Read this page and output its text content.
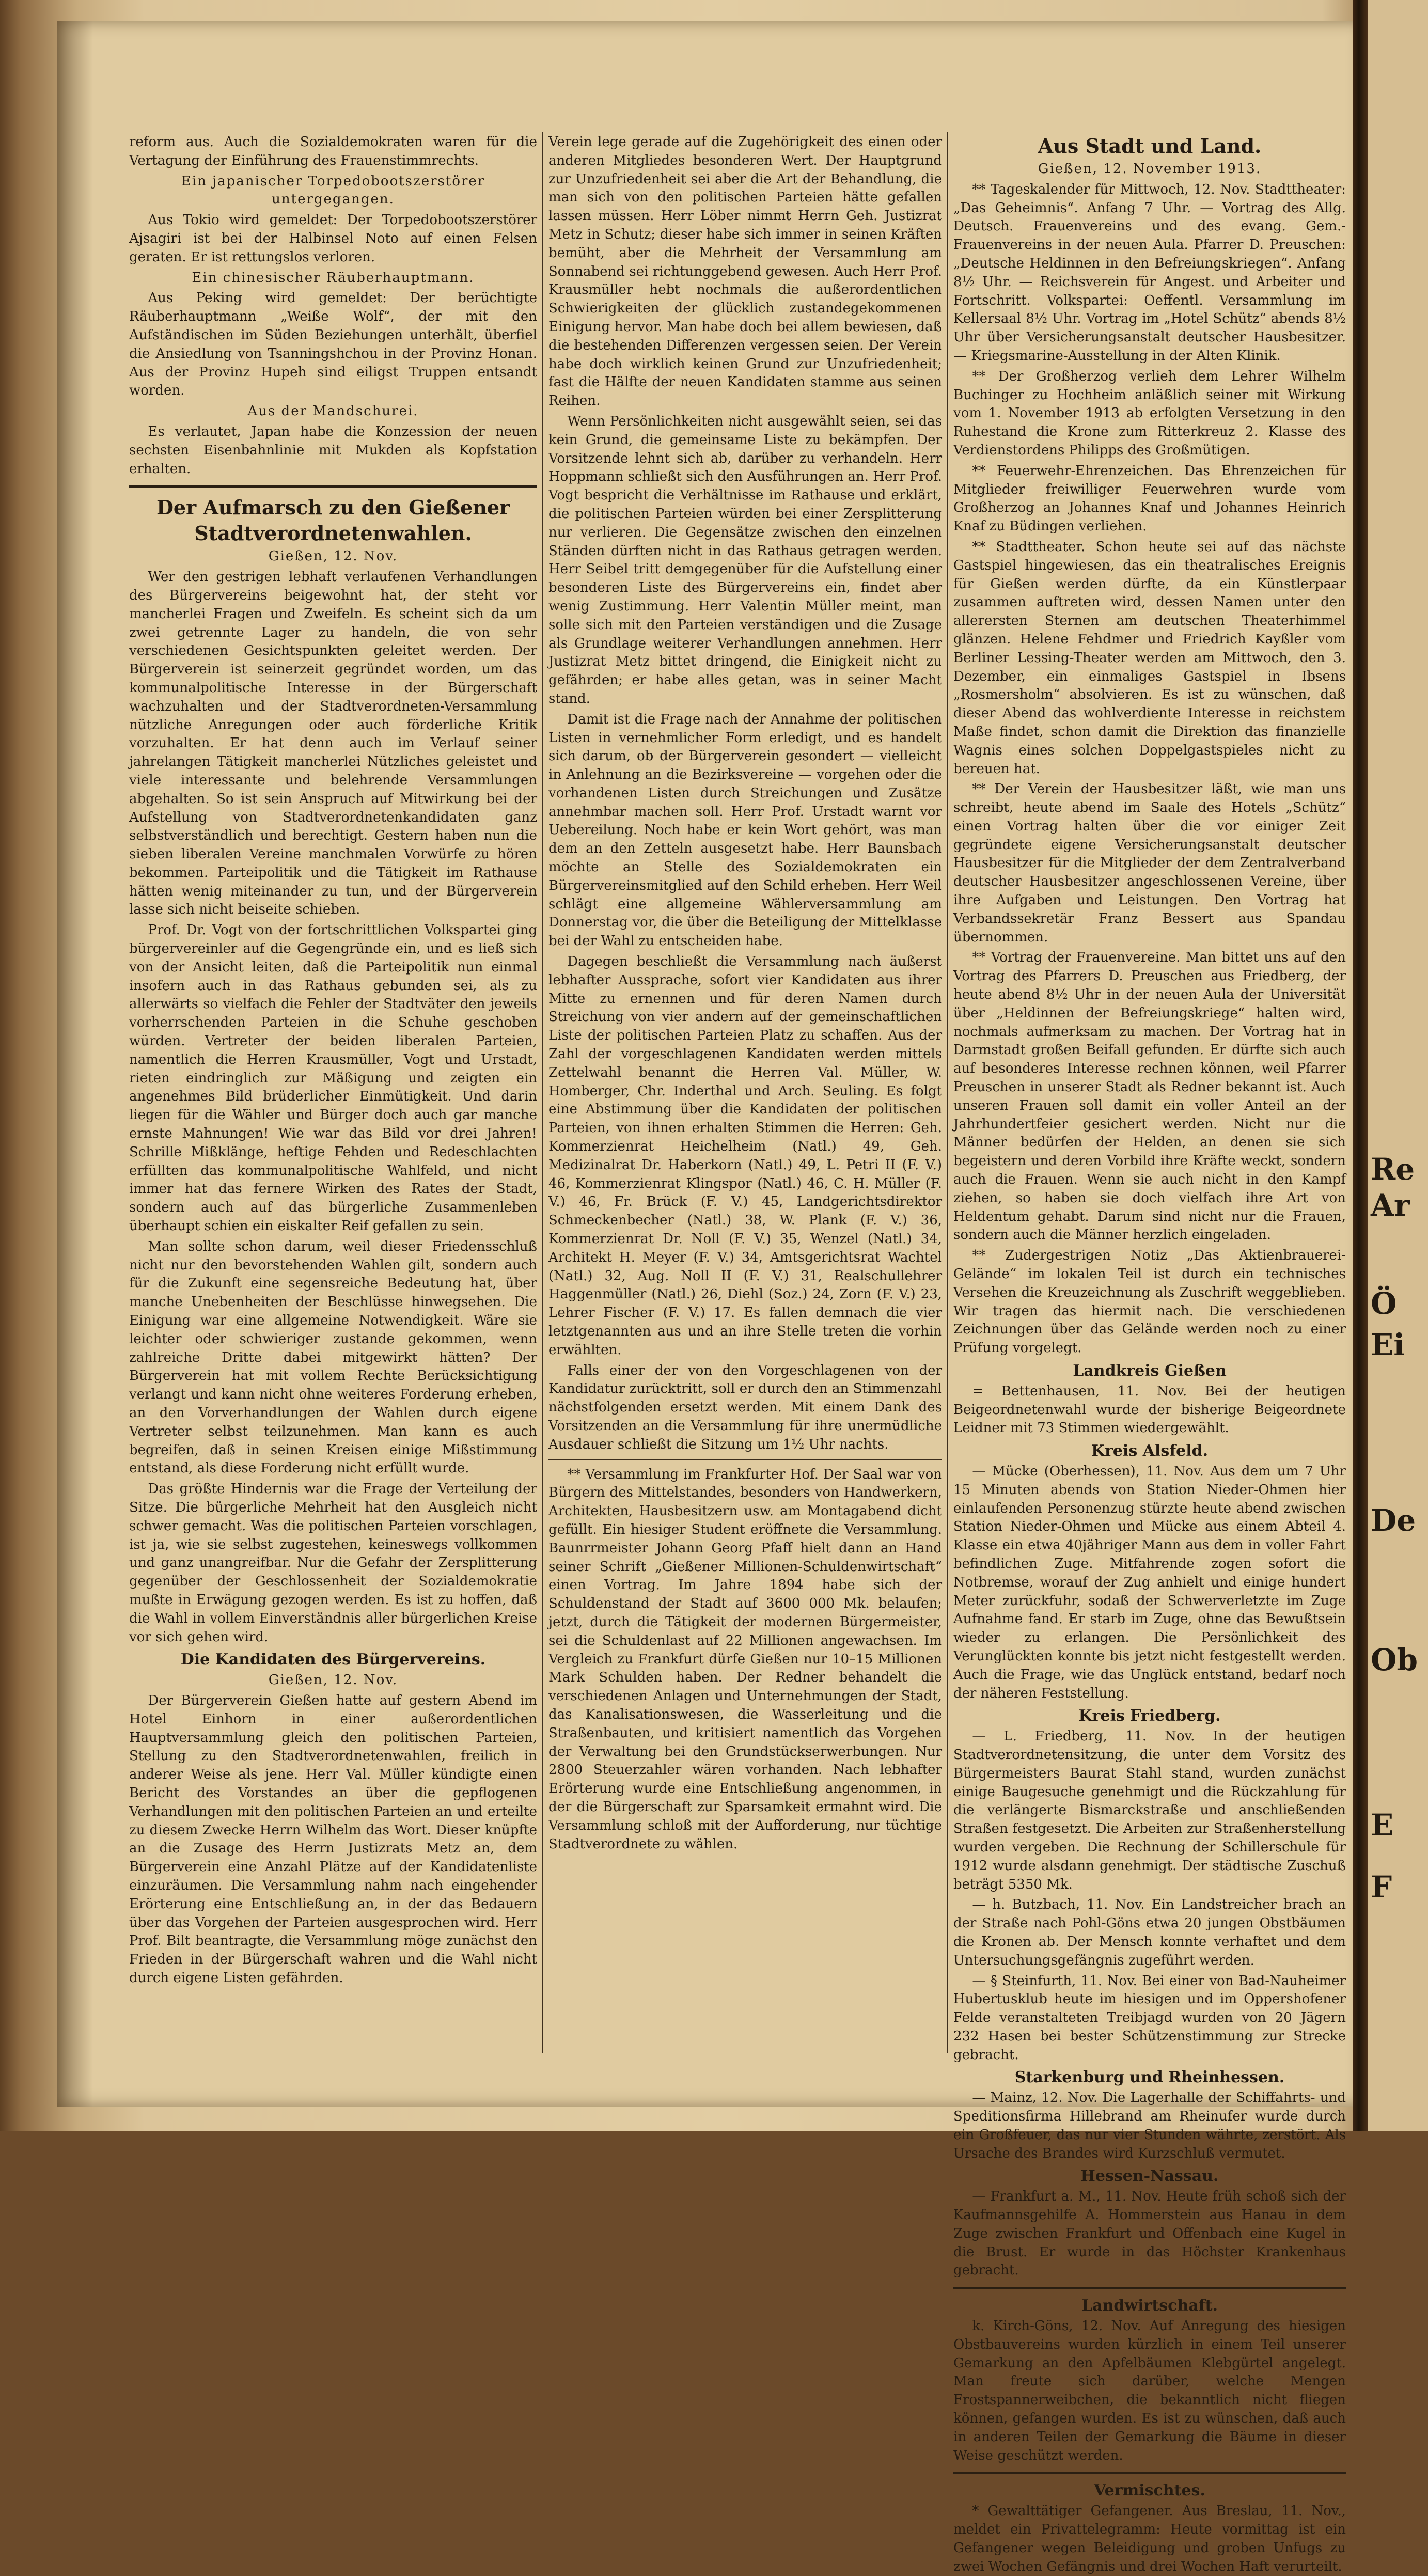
Re
Ar
Ö
Ei
De
Ob
E
F

reform aus. Auch die Sozialdemokraten waren für die Vertagung der Einführung des Frauenstimmrechts.

Ein japanischer Torpedobootszerstörer untergegangen.

Aus Tokio wird gemeldet: Der Torpedobootszerstörer Ajsagiri ist bei der Halbinsel Noto auf einen Felsen geraten. Er ist rettungslos verloren.

Ein chinesischer Räuberhauptmann.

Aus Peking wird gemeldet: Der berüchtigte Räuberhauptmann „Weiße Wolf“, der mit den Aufständischen im Süden Beziehungen unterhält, überfiel die Ansiedlung von Tsanningshchou in der Provinz Honan. Aus der Provinz Hupeh sind eiligst Truppen entsandt worden.

Aus der Mandschurei.

Es verlautet, Japan habe die Konzession der neuen sechsten Eisenbahnlinie mit Mukden als Kopfstation erhalten.

Der Aufmarsch zu den Gießener Stadtverordnetenwahlen.

Gießen, 12. Nov.

Wer den gestrigen lebhaft verlaufenen Verhandlungen des Bürgervereins beigewohnt hat, der steht vor mancherlei Fragen und Zweifeln. Es scheint sich da um zwei getrennte Lager zu handeln, die von sehr verschiedenen Gesichtspunkten geleitet werden. Der Bürgerverein ist seinerzeit gegründet worden, um das kommunalpolitische Interesse in der Bürgerschaft wachzuhalten und der Stadtverordneten-Versammlung nützliche Anregungen oder auch förderliche Kritik vorzuhalten. Er hat denn auch im Verlauf seiner jahrelangen Tätigkeit mancherlei Nützliches geleistet und viele interessante und belehrende Versammlungen abgehalten. So ist sein Anspruch auf Mitwirkung bei der Aufstellung von Stadtverordnetenkandidaten ganz selbstverständlich und berechtigt. Gestern haben nun die sieben liberalen Vereine manchmalen Vorwürfe zu hören bekommen. Parteipolitik und die Tätigkeit im Rathause hätten wenig miteinander zu tun, und der Bürgerverein lasse sich nicht beiseite schieben.

Prof. Dr. Vogt von der fortschrittlichen Volkspartei ging bürgervereinler auf die Gegengründe ein, und es ließ sich von der Ansicht leiten, daß die Parteipolitik nun einmal insofern auch in das Rathaus gebunden sei, als zu allerwärts so vielfach die Fehler der Stadtväter den jeweils vorherrschenden Parteien in die Schuhe geschoben würden. Vertreter der beiden liberalen Parteien, namentlich die Herren Krausmüller, Vogt und Urstadt, rieten eindringlich zur Mäßigung und zeigten ein angenehmes Bild brüderlicher Einmütigkeit. Und darin liegen für die Wähler und Bürger doch auch gar manche ernste Mahnungen! Wie war das Bild vor drei Jahren! Schrille Mißklänge, heftige Fehden und Redeschlachten erfüllten das kommunalpolitische Wahlfeld, und nicht immer hat das fernere Wirken des Rates der Stadt, sondern auch auf das bürgerliche Zusammenleben überhaupt schien ein eiskalter Reif gefallen zu sein.

Man sollte schon darum, weil dieser Friedensschluß nicht nur den bevorstehenden Wahlen gilt, sondern auch für die Zukunft eine segensreiche Bedeutung hat, über manche Unebenheiten der Beschlüsse hinwegsehen. Die Einigung war eine allgemeine Notwendigkeit. Wäre sie leichter oder schwieriger zustande gekommen, wenn zahlreiche Dritte dabei mitgewirkt hätten? Der Bürgerverein hat mit vollem Rechte Berücksichtigung verlangt und kann nicht ohne weiteres Forderung erheben, an den Vorverhandlungen der Wahlen durch eigene Vertreter selbst teilzunehmen. Man kann es auch begreifen, daß in seinen Kreisen einige Mißstimmung entstand, als diese Forderung nicht erfüllt wurde.

Das größte Hindernis war die Frage der Verteilung der Sitze. Die bürgerliche Mehrheit hat den Ausgleich nicht schwer gemacht. Was die politischen Parteien vorschlagen, ist ja, wie sie selbst zugestehen, keineswegs vollkommen und ganz unangreifbar. Nur die Gefahr der Zersplitterung gegenüber der Geschlossenheit der Sozialdemokratie mußte in Erwägung gezogen werden. Es ist zu hoffen, daß die Wahl in vollem Einverständnis aller bürgerlichen Kreise vor sich gehen wird.

Die Kandidaten des Bürgervereins.

Gießen, 12. Nov.

Der Bürgerverein Gießen hatte auf gestern Abend im Hotel Einhorn in einer außerordentlichen Hauptversammlung gleich den politischen Parteien, Stellung zu den Stadtverordnetenwahlen, freilich in anderer Weise als jene. Herr Val. Müller kündigte einen Bericht des Vorstandes an über die gepflogenen Verhandlungen mit den politischen Parteien an und erteilte zu diesem Zwecke Herrn Wilhelm das Wort. Dieser knüpfte an die Zusage des Herrn Justizrats Metz an, dem Bürgerverein eine Anzahl Plätze auf der Kandidatenliste einzuräumen. Die Versammlung nahm nach eingehender Erörterung eine Entschließung an, in der das Bedauern über das Vorgehen der Parteien ausgesprochen wird. Herr Prof. Bilt beantragte, die Versammlung möge zunächst den Frieden in der Bürgerschaft wahren und die Wahl nicht durch eigene Listen gefährden.

Verein lege gerade auf die Zugehörigkeit des einen oder anderen Mitgliedes besonderen Wert. Der Hauptgrund zur Unzufriedenheit sei aber die Art der Behandlung, die man sich von den politischen Parteien hätte gefallen lassen müssen. Herr Löber nimmt Herrn Geh. Justizrat Metz in Schutz; dieser habe sich immer in seinen Kräften bemüht, aber die Mehrheit der Versammlung am Sonnabend sei richtunggebend gewesen. Auch Herr Prof. Krausmüller hebt nochmals die außerordentlichen Schwierigkeiten der glücklich zustandegekommenen Einigung hervor. Man habe doch bei allem bewiesen, daß die bestehenden Differenzen vergessen seien. Der Verein habe doch wirklich keinen Grund zur Unzufriedenheit; fast die Hälfte der neuen Kandidaten stamme aus seinen Reihen.

Wenn Persönlichkeiten nicht ausgewählt seien, sei das kein Grund, die gemeinsame Liste zu bekämpfen. Der Vorsitzende lehnt sich ab, darüber zu verhandeln. Herr Hoppmann schließt sich den Ausführungen an. Herr Prof. Vogt bespricht die Verhältnisse im Rathause und erklärt, die politischen Parteien würden bei einer Zersplitterung nur verlieren. Die Gegensätze zwischen den einzelnen Ständen dürften nicht in das Rathaus getragen werden. Herr Seibel tritt demgegenüber für die Aufstellung einer besonderen Liste des Bürgervereins ein, findet aber wenig Zustimmung. Herr Valentin Müller meint, man solle sich mit den Parteien verständigen und die Zusage als Grundlage weiterer Verhandlungen annehmen. Herr Justizrat Metz bittet dringend, die Einigkeit nicht zu gefährden; er habe alles getan, was in seiner Macht stand.

Damit ist die Frage nach der Annahme der politischen Listen in vernehmlicher Form erledigt, und es handelt sich darum, ob der Bürgerverein gesondert — vielleicht in Anlehnung an die Bezirksvereine — vorgehen oder die vorhandenen Listen durch Streichungen und Zusätze annehmbar machen soll. Herr Prof. Urstadt warnt vor Uebereilung. Noch habe er kein Wort gehört, was man dem an den Zetteln ausgesetzt habe. Herr Baunsbach möchte an Stelle des Sozialdemokraten ein Bürgervereinsmitglied auf den Schild erheben. Herr Weil schlägt eine allgemeine Wählerversammlung am Donnerstag vor, die über die Beteiligung der Mittelklasse bei der Wahl zu entscheiden habe.

Dagegen beschließt die Versammlung nach äußerst lebhafter Aussprache, sofort vier Kandidaten aus ihrer Mitte zu ernennen und für deren Namen durch Streichung von vier andern auf der gemeinschaftlichen Liste der politischen Parteien Platz zu schaffen. Aus der Zahl der vorgeschlagenen Kandidaten werden mittels Zettelwahl benannt die Herren Val. Müller, W. Homberger, Chr. Inderthal und Arch. Seuling. Es folgt eine Abstimmung über die Kandidaten der politischen Parteien, von ihnen erhalten Stimmen die Herren: Geh. Kommerzienrat Heichelheim (Natl.) 49, Geh. Medizinalrat Dr. Haberkorn (Natl.) 49, L. Petri II (F. V.) 46, Kommerzienrat Klingspor (Natl.) 46, C. H. Müller (F. V.) 46, Fr. Brück (F. V.) 45, Landgerichtsdirektor Schmeckenbecher (Natl.) 38, W. Plank (F. V.) 36, Kommerzienrat Dr. Noll (F. V.) 35, Wenzel (Natl.) 34, Architekt H. Meyer (F. V.) 34, Amtsgerichtsrat Wachtel (Natl.) 32, Aug. Noll II (F. V.) 31, Realschullehrer Haggenmüller (Natl.) 26, Diehl (Soz.) 24, Zorn (F. V.) 23, Lehrer Fischer (F. V.) 17. Es fallen demnach die vier letztgenannten aus und an ihre Stelle treten die vorhin erwählten.

Falls einer der von den Vorgeschlagenen von der Kandidatur zurücktritt, soll er durch den an Stimmenzahl nächstfolgenden ersetzt werden. Mit einem Dank des Vorsitzenden an die Versammlung für ihre unermüdliche Ausdauer schließt die Sitzung um 1½ Uhr nachts.

** Versammlung im Frankfurter Hof. Der Saal war von Bürgern des Mittelstandes, besonders von Handwerkern, Architekten, Hausbesitzern usw. am Montagabend dicht gefüllt. Ein hiesiger Student eröffnete die Versammlung. Baunrrmeister Johann Georg Pfaff hielt dann an Hand seiner Schrift „Gießener Millionen-Schuldenwirtschaft“ einen Vortrag. Im Jahre 1894 habe sich der Schuldenstand der Stadt auf 3600 000 Mk. belaufen; jetzt, durch die Tätigkeit der modernen Bürgermeister, sei die Schuldenlast auf 22 Millionen angewachsen. Im Vergleich zu Frankfurt dürfe Gießen nur 10–15 Millionen Mark Schulden haben. Der Redner behandelt die verschiedenen Anlagen und Unternehmungen der Stadt, das Kanalisationswesen, die Wasserleitung und die Straßenbauten, und kritisiert namentlich das Vorgehen der Verwaltung bei den Grundstückserwerbungen. Nur 2800 Steuerzahler wären vorhanden. Nach lebhafter Erörterung wurde eine Entschließung angenommen, in der die Bürgerschaft zur Sparsamkeit ermahnt wird. Die Versammlung schloß mit der Aufforderung, nur tüchtige Stadtverordnete zu wählen.

Aus Stadt und Land.

Gießen, 12. November 1913.

** Tageskalender für Mittwoch, 12. Nov. Stadttheater: „Das Geheimnis“. Anfang 7 Uhr. — Vortrag des Allg. Deutsch. Frauenvereins und des evang. Gem.-Frauenvereins in der neuen Aula. Pfarrer D. Preuschen: „Deutsche Heldinnen in den Befreiungskriegen“. Anfang 8½ Uhr. — Reichsverein für Angest. und Arbeiter und Fortschritt. Volkspartei: Oeffentl. Versammlung im Kellersaal 8½ Uhr. Vortrag im „Hotel Schütz“ abends 8½ Uhr über Versicherungsanstalt deutscher Hausbesitzer. — Kriegsmarine-Ausstellung in der Alten Klinik.

** Der Großherzog verlieh dem Lehrer Wilhelm Buchinger zu Hochheim anläßlich seiner mit Wirkung vom 1. November 1913 ab erfolgten Versetzung in den Ruhestand die Krone zum Ritterkreuz 2. Klasse des Verdienstordens Philipps des Großmütigen.

** Feuerwehr-Ehrenzeichen. Das Ehrenzeichen für Mitglieder freiwilliger Feuerwehren wurde vom Großherzog an Johannes Knaf und Johannes Heinrich Knaf zu Büdingen verliehen.

** Stadttheater. Schon heute sei auf das nächste Gastspiel hingewiesen, das ein theatralisches Ereignis für Gießen werden dürfte, da ein Künstlerpaar zusammen auftreten wird, dessen Namen unter den allerersten Sternen am deutschen Theaterhimmel glänzen. Helene Fehdmer und Friedrich Kayßler vom Berliner Lessing-Theater werden am Mittwoch, den 3. Dezember, ein einmaliges Gastspiel in Ibsens „Rosmersholm“ absolvieren. Es ist zu wünschen, daß dieser Abend das wohlverdiente Interesse in reichstem Maße findet, schon damit die Direktion das finanzielle Wagnis eines solchen Doppelgastspieles nicht zu bereuen hat.

** Der Verein der Hausbesitzer läßt, wie man uns schreibt, heute abend im Saale des Hotels „Schütz“ einen Vortrag halten über die vor einiger Zeit gegründete eigene Versicherungsanstalt deutscher Hausbesitzer für die Mitglieder der dem Zentralverband deutscher Hausbesitzer angeschlossenen Vereine, über ihre Aufgaben und Leistungen. Den Vortrag hat Verbandssekretär Franz Bessert aus Spandau übernommen.

** Vortrag der Frauenvereine. Man bittet uns auf den Vortrag des Pfarrers D. Preuschen aus Friedberg, der heute abend 8½ Uhr in der neuen Aula der Universität über „Heldinnen der Befreiungskriege“ halten wird, nochmals aufmerksam zu machen. Der Vortrag hat in Darmstadt großen Beifall gefunden. Er dürfte sich auch auf besonderes Interesse rechnen können, weil Pfarrer Preuschen in unserer Stadt als Redner bekannt ist. Auch unseren Frauen soll damit ein voller Anteil an der Jahrhundertfeier gesichert werden. Nicht nur die Männer bedürfen der Helden, an denen sie sich begeistern und deren Vorbild ihre Kräfte weckt, sondern auch die Frauen. Wenn sie auch nicht in den Kampf ziehen, so haben sie doch vielfach ihre Art von Heldentum gehabt. Darum sind nicht nur die Frauen, sondern auch die Männer herzlich eingeladen.

** Zudergestrigen Notiz „Das Aktienbrauerei-Gelände“ im lokalen Teil ist durch ein technisches Versehen die Kreuzeichnung als Zuschrift weggeblieben. Wir tragen das hiermit nach. Die verschiedenen Zeichnungen über das Gelände werden noch zu einer Prüfung vorgelegt.

Landkreis Gießen

= Bettenhausen, 11. Nov. Bei der heutigen Beigeordnetenwahl wurde der bisherige Beigeordnete Leidner mit 73 Stimmen wiedergewählt.

Kreis Alsfeld.

— Mücke (Oberhessen), 11. Nov. Aus dem um 7 Uhr 15 Minuten abends von Station Nieder-Ohmen hier einlaufenden Personenzug stürzte heute abend zwischen Station Nieder-Ohmen und Mücke aus einem Abteil 4. Klasse ein etwa 40jähriger Mann aus dem in voller Fahrt befindlichen Zuge. Mitfahrende zogen sofort die Notbremse, worauf der Zug anhielt und einige hundert Meter zurückfuhr, sodaß der Schwerverletzte im Zuge Aufnahme fand. Er starb im Zuge, ohne das Bewußtsein wieder zu erlangen. Die Persönlichkeit des Verunglückten konnte bis jetzt nicht festgestellt werden. Auch die Frage, wie das Unglück entstand, bedarf noch der näheren Feststellung.

Kreis Friedberg.

— L. Friedberg, 11. Nov. In der heutigen Stadtverordnetensitzung, die unter dem Vorsitz des Bürgermeisters Baurat Stahl stand, wurden zunächst einige Baugesuche genehmigt und die Rückzahlung für die verlängerte Bismarckstraße und anschließenden Straßen festgesetzt. Die Arbeiten zur Straßenherstellung wurden vergeben. Die Rechnung der Schillerschule für 1912 wurde alsdann genehmigt. Der städtische Zuschuß beträgt 5350 Mk.

— h. Butzbach, 11. Nov. Ein Landstreicher brach an der Straße nach Pohl-Göns etwa 20 jungen Obstbäumen die Kronen ab. Der Mensch konnte verhaftet und dem Untersuchungsgefängnis zugeführt werden.

— § Steinfurth, 11. Nov. Bei einer von Bad-Nauheimer Hubertusklub heute im hiesigen und im Oppershofener Felde veranstalteten Treibjagd wurden von 20 Jägern 232 Hasen bei bester Schützenstimmung zur Strecke gebracht.

Starkenburg und Rheinhessen.

— Mainz, 12. Nov. Die Lagerhalle der Schiffahrts- und Speditionsfirma Hillebrand am Rheinufer wurde durch ein Großfeuer, das nur vier Stunden währte, zerstört. Als Ursache des Brandes wird Kurzschluß vermutet.

Hessen-Nassau.

— Frankfurt a. M., 11. Nov. Heute früh schoß sich der Kaufmannsgehilfe A. Hommerstein aus Hanau in dem Zuge zwischen Frankfurt und Offenbach eine Kugel in die Brust. Er wurde in das Höchster Krankenhaus gebracht.

Landwirtschaft.

k. Kirch-Göns, 12. Nov. Auf Anregung des hiesigen Obstbauvereins wurden kürzlich in einem Teil unserer Gemarkung an den Apfelbäumen Klebgürtel angelegt. Man freute sich darüber, welche Mengen Frostspannerweibchen, die bekanntlich nicht fliegen können, gefangen wurden. Es ist zu wünschen, daß auch in anderen Teilen der Gemarkung die Bäume in dieser Weise geschützt werden.

Vermischtes.

* Gewalttätiger Gefangener. Aus Breslau, 11. Nov., meldet ein Privattelegramm: Heute vormittag ist ein Gefangener wegen Beleidigung und groben Unfugs zu zwei Wochen Gefängnis und drei Wochen Haft verurteilt.
